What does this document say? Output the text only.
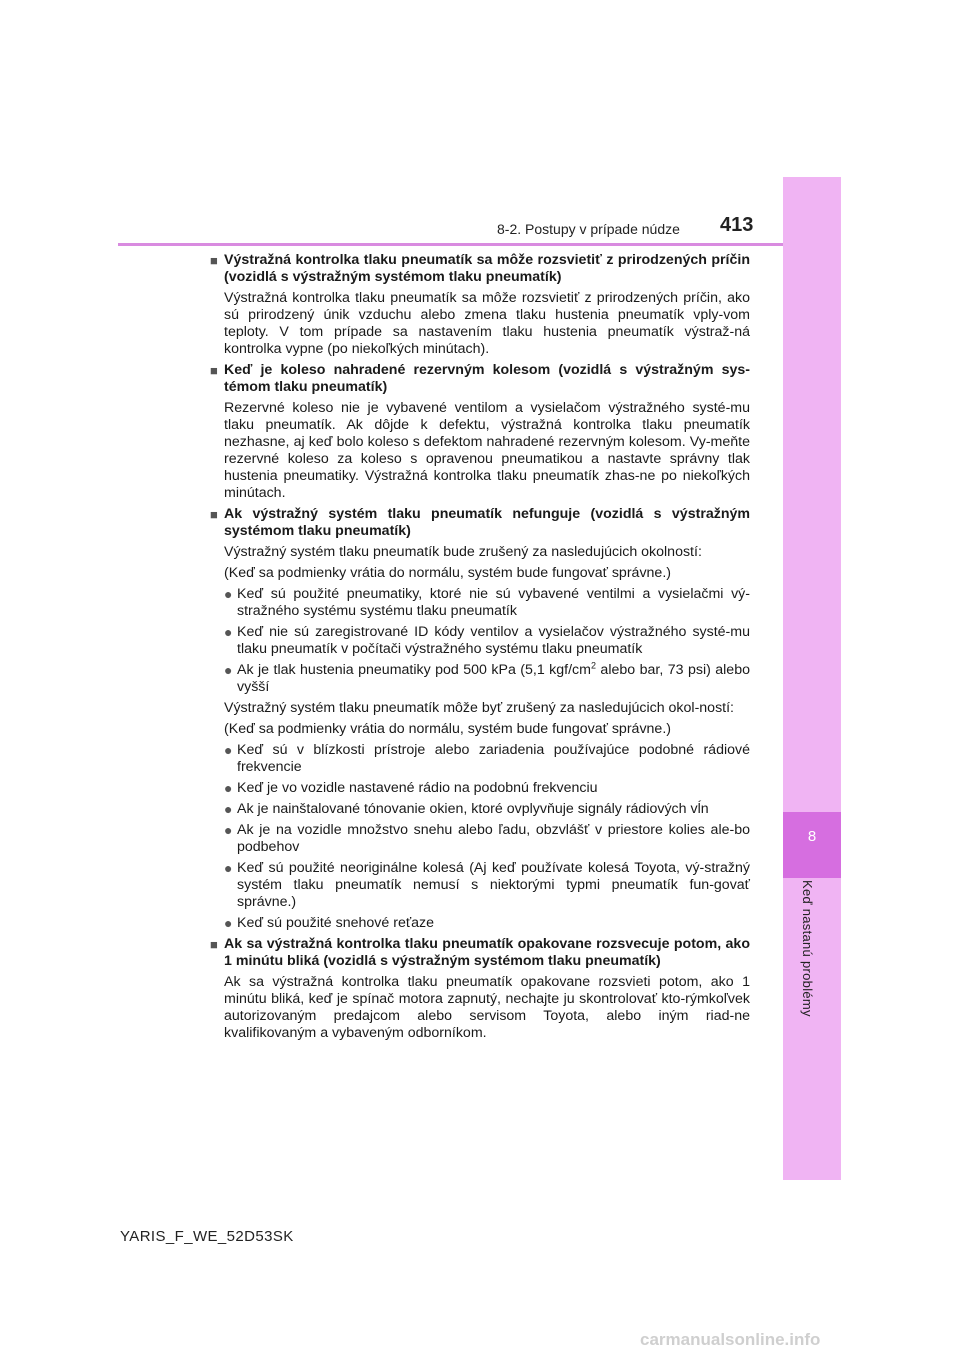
8
Keď nastanú problémy
8-2. Postupy v prípade núdze 413
■ Výstražná kontrolka tlaku pneumatík sa môže rozsvietiť z prirodzených príčin (vozidlá s výstražným systémom tlaku pneumatík)
Výstražná kontrolka tlaku pneumatík sa môže rozsvietiť z prirodzených príčin, ako sú prirodzený únik vzduchu alebo zmena tlaku hustenia pneumatík vply-vom teploty. V tom prípade sa nastavením tlaku hustenia pneumatík výstraž-ná kontrolka vypne (po niekoľkých minútach).
■ Keď je koleso nahradené rezervným kolesom (vozidlá s výstražným sys-témom tlaku pneumatík)
Rezervné koleso nie je vybavené ventilom a vysielačom výstražného systé-mu tlaku pneumatík. Ak dôjde k defektu, výstražná kontrolka tlaku pneumatík nezhasne, aj keď bolo koleso s defektom nahradené rezervným kolesom. Vy-meňte rezervné koleso za koleso s opravenou pneumatikou a nastavte správny tlak hustenia pneumatiky. Výstražná kontrolka tlaku pneumatík zhas-ne po niekoľkých minútach.
■ Ak výstražný systém tlaku pneumatík nefunguje (vozidlá s výstražným systémom tlaku pneumatík)
Výstražný systém tlaku pneumatík bude zrušený za nasledujúcich okolností:
(Keď sa podmienky vrátia do normálu, systém bude fungovať správne.)
● Keď sú použité pneumatiky, ktoré nie sú vybavené ventilmi a vysielačmi vý-stražného systému systému tlaku pneumatík
● Keď nie sú zaregistrované ID kódy ventilov a vysielačov výstražného systé-mu tlaku pneumatík v počítači výstražného systému tlaku pneumatík
● Ak je tlak hustenia pneumatiky pod 500 kPa (5,1 kgf/$cm^2$ alebo bar, 73 psi) alebo vyšší
Výstražný systém tlaku pneumatík môže byť zrušený za nasledujúcich okol-ností:
(Keď sa podmienky vrátia do normálu, systém bude fungovať správne.)
● Keď sú v blízkosti prístroje alebo zariadenia používajúce podobné rádiové frekvencie
● Keď je vo vozidle nastavené rádio na podobnú frekvenciu
● Ak je nainštalované tónovanie okien, ktoré ovplyvňuje signály rádiových vĺn
● Ak je na vozidle množstvo snehu alebo ľadu, obzvlášť v priestore kolies ale-bo podbehov
● Keď sú použité neoriginálne kolesá (Aj keď používate kolesá Toyota, vý-stražný systém tlaku pneumatík nemusí s niektorými typmi pneumatík fun-govať správne.)
● Keď sú použité snehové reťaze
■ Ak sa výstražná kontrolka tlaku pneumatík opakovane rozsvecuje potom, ako 1 minútu bliká (vozidlá s výstražným systémom tlaku pneumatík)
Ak sa výstražná kontrolka tlaku pneumatík opakovane rozsvieti potom, ako 1 minútu bliká, keď je spínač motora zapnutý, nechajte ju skontrolovať kto-rýmkoľvek autorizovaným predajcom alebo servisom Toyota, alebo iným riad-ne kvalifikovaným a vybaveným odborníkom.
YARIS_F_WE_52D53SK
carmanualsonline.info
